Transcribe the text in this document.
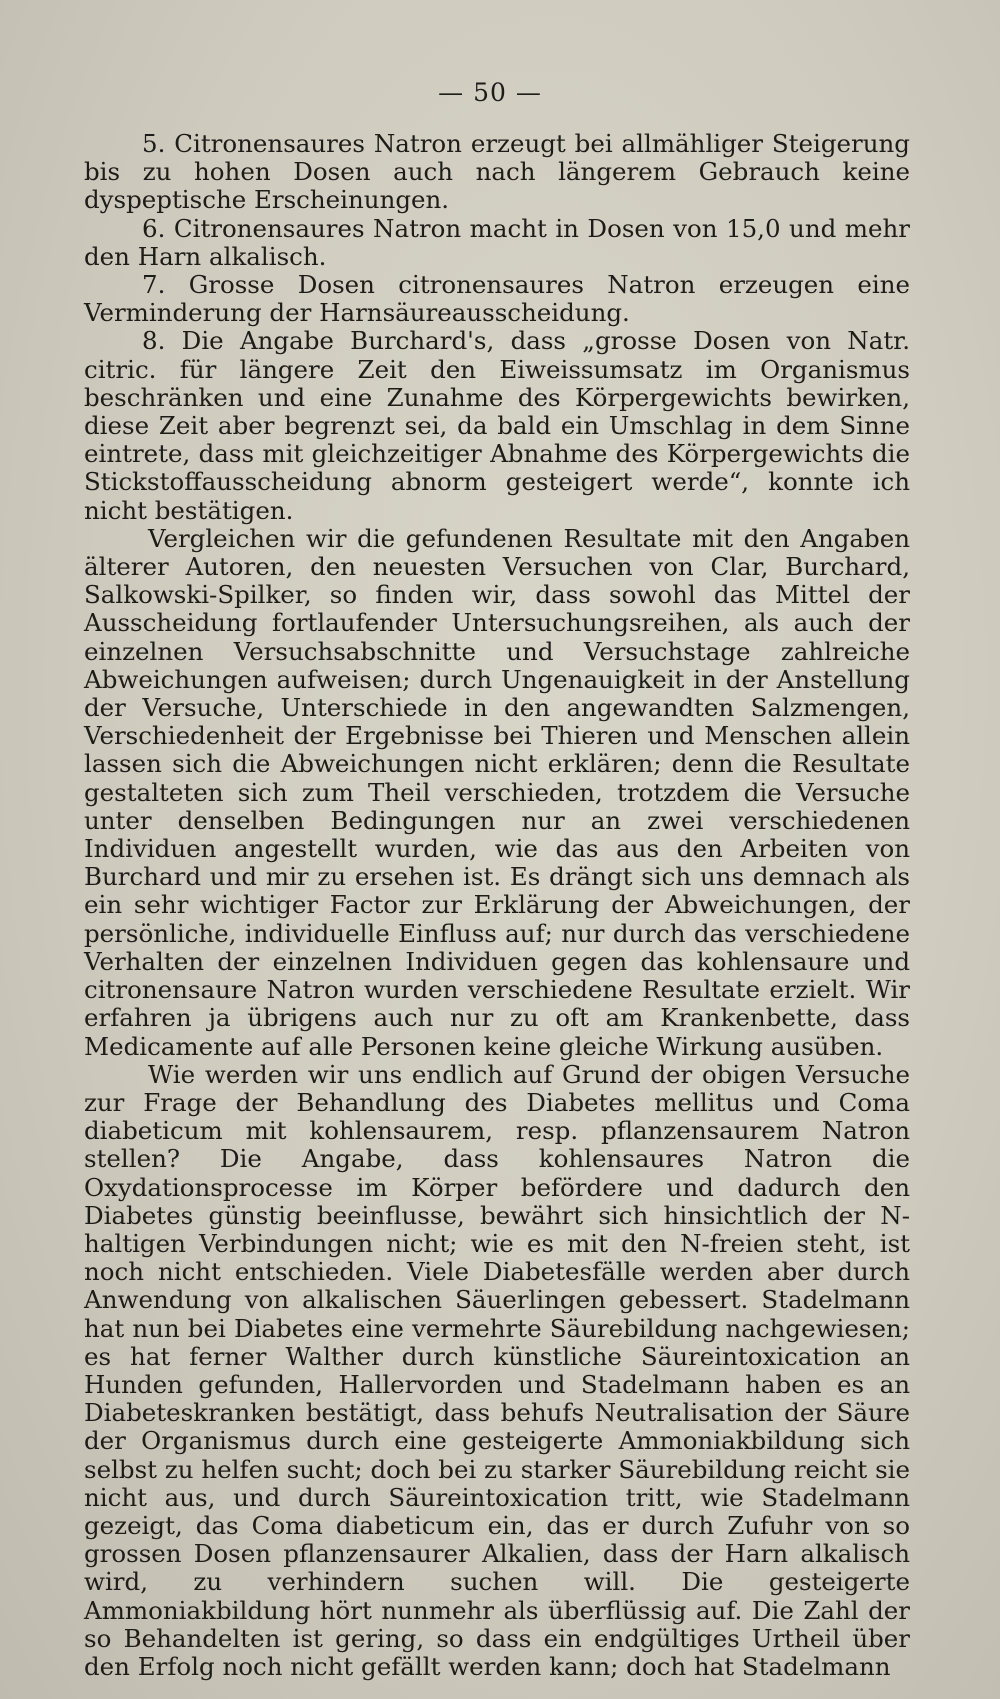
— 50 —

5. Citronensaures Natron erzeugt bei allmähliger Steigerung bis zu hohen Dosen auch nach längerem Gebrauch keine dyspeptische Erscheinungen.

6. Citronensaures Natron macht in Dosen von 15,0 und mehr den Harn alkalisch.

7. Grosse Dosen citronensaures Natron erzeugen eine Verminderung der Harnsäureausscheidung.

8. Die Angabe Burchard's, dass „grosse Dosen von Natr. citric. für längere Zeit den Eiweissumsatz im Organismus beschränken und eine Zunahme des Körpergewichts bewirken, diese Zeit aber begrenzt sei, da bald ein Umschlag in dem Sinne eintrete, dass mit gleichzeitiger Abnahme des Körpergewichts die Stickstoffausscheidung abnorm gesteigert werde“, konnte ich nicht bestätigen.

Vergleichen wir die gefundenen Resultate mit den Angaben älterer Autoren, den neuesten Versuchen von Clar, Burchard, Salkowski-Spilker, so finden wir, dass sowohl das Mittel der Ausscheidung fortlaufender Untersuchungsreihen, als auch der einzelnen Versuchsabschnitte und Versuchstage zahlreiche Abweichungen aufweisen; durch Ungenauigkeit in der Anstellung der Versuche, Unterschiede in den angewandten Salzmengen, Verschiedenheit der Ergebnisse bei Thieren und Menschen allein lassen sich die Abweichungen nicht erklären; denn die Resultate gestalteten sich zum Theil verschieden, trotzdem die Versuche unter denselben Bedingungen nur an zwei verschiedenen Individuen angestellt wurden, wie das aus den Arbeiten von Burchard und mir zu ersehen ist. Es drängt sich uns demnach als ein sehr wichtiger Factor zur Erklärung der Abweichungen, der persönliche, individuelle Einfluss auf; nur durch das verschiedene Verhalten der einzelnen Individuen gegen das kohlensaure und citronensaure Natron wurden verschiedene Resultate erzielt. Wir erfahren ja übrigens auch nur zu oft am Krankenbette, dass Medicamente auf alle Personen keine gleiche Wirkung ausüben.

Wie werden wir uns endlich auf Grund der obigen Versuche zur Frage der Behandlung des Diabetes mellitus und Coma diabeticum mit kohlensaurem, resp. pflanzensaurem Natron stellen? Die Angabe, dass kohlensaures Natron die Oxydationsprocesse im Körper befördere und dadurch den Diabetes günstig beeinflusse, bewährt sich hinsichtlich der N-haltigen Verbindungen nicht; wie es mit den N-freien steht, ist noch nicht entschieden. Viele Diabetesfälle werden aber durch Anwendung von alkalischen Säuerlingen gebessert. Stadelmann hat nun bei Diabetes eine vermehrte Säurebildung nachgewiesen; es hat ferner Walther durch künstliche Säureintoxication an Hunden gefunden, Hallervorden und Stadelmann haben es an Diabeteskranken bestätigt, dass behufs Neutralisation der Säure der Organismus durch eine gesteigerte Ammoniakbildung sich selbst zu helfen sucht; doch bei zu starker Säurebildung reicht sie nicht aus, und durch Säureintoxication tritt, wie Stadelmann gezeigt, das Coma diabeticum ein, das er durch Zufuhr von so grossen Dosen pflanzensaurer Alkalien, dass der Harn alkalisch wird, zu verhindern suchen will. Die gesteigerte Ammoniakbildung hört nunmehr als überflüssig auf. Die Zahl der so Behandelten ist gering, so dass ein endgültiges Urtheil über den Erfolg noch nicht gefällt werden kann; doch hat Stadelmann
